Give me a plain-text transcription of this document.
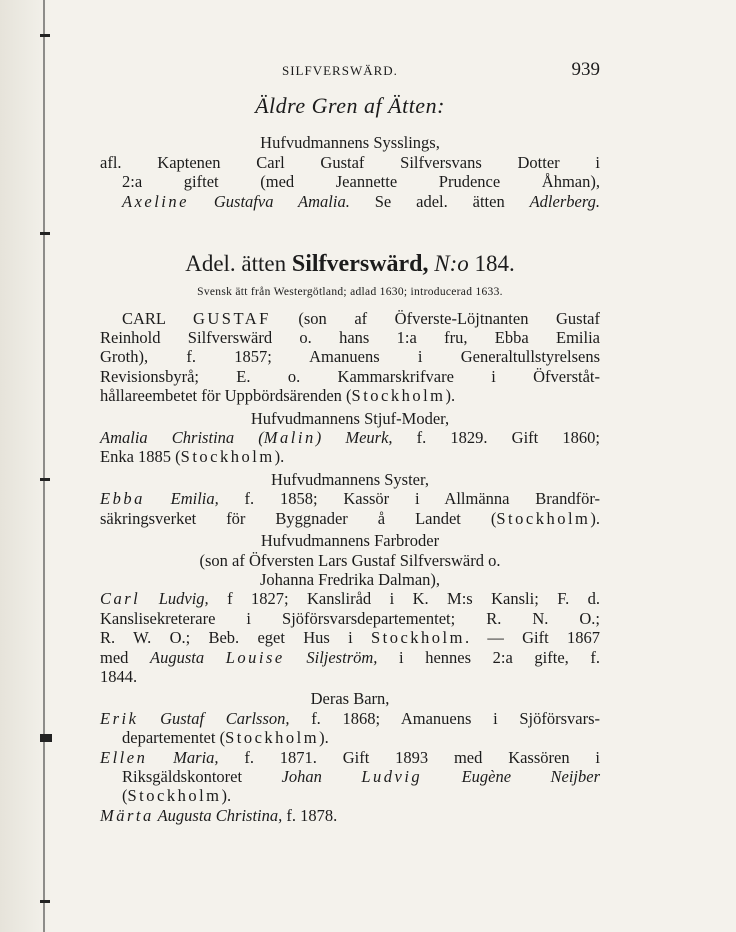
SILFVERSWÄRD.	939
Äldre Gren af Ätten:
Hufvudmannens Sysslings,
afl. Kaptenen Carl Gustaf Silfversvans Dotter i
2:a giftet (med Jeannette Prudence Åhman),
Axeline Gustafva Amalia. Se adel. ätten Adlerberg.
Adel. ätten Silfverswärd, N:o 184.
Svensk ätt från Westergötland; adlad 1630; introducerad 1633.
CARL GUSTAF (son af Öfverste-Löjtnanten Gustaf
Reinhold Silfverswärd o. hans 1:a fru, Ebba Emilia
Groth), f. 1857; Amanuens i Generaltullstyrelsens
Revisionsbyrå; E. o. Kammarskrifvare i Öfverståt-
hållareembetet för Uppbördsärenden (Stockholm).
Hufvudmannens Stjuf-Moder,
Amalia Christina (Malin) Meurk, f. 1829. Gift 1860;
Enka 1885 (Stockholm).
Hufvudmannens Syster,
Ebba Emilia, f. 1858; Kassör i Allmänna Brandför-
säkringsverket för Byggnader å Landet (Stockholm).
Hufvudmannens Farbroder
(son af Öfversten Lars Gustaf Silfverswärd o.
Johanna Fredrika Dalman),
Carl Ludvig, f 1827; Kanslіråd i K. M:s Kansli; F. d.
Kanslisekreterare i Sjöförsvarsdepartementet; R. N. O.;
R. W. O.; Beb. eget Hus i Stockholm. — Gift 1867
med Augusta Louise Siljeström, i hennes 2:a gifte, f.
1844.
Deras Barn,
Erik Gustaf Carlsson, f. 1868; Amanuens i Sjöförsvars-
departementet (Stockholm).
Ellen Maria, f. 1871. Gift 1893 med Kassören i
Riksgäldskontoret Johan Ludvig Eugène Neijber
(Stockholm).
Märta Augusta Christina, f. 1878.
